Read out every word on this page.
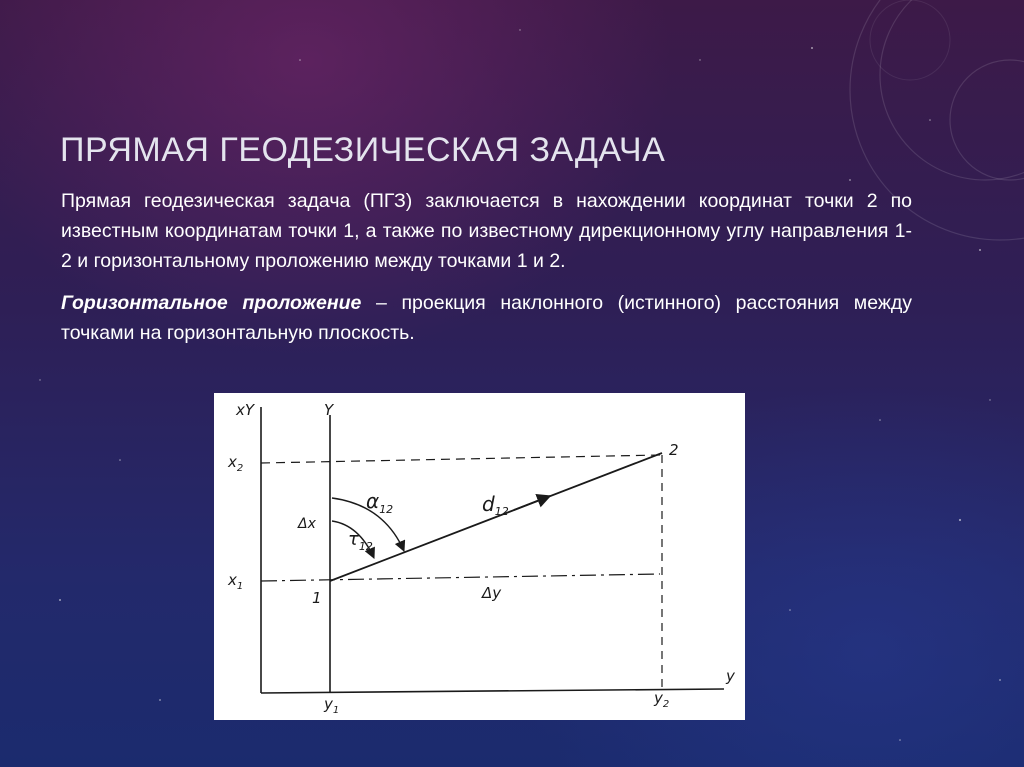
ПРЯМАЯ ГЕОДЕЗИЧЕСКАЯ ЗАДАЧА

Прямая геодезическая задача (ПГЗ) заключается в нахождении координат точки 2 по известным координатам точки 1, а также по известному дирекционному углу направления 1-2 и горизонтальному проложению между точками 1 и 2.

Горизонтальное проложение – проекция наклонного (истинного) расстояния между точками на горизонтальную плоскость.

xY	Y
$x_2$
$x_1$
1
2
Δx
Δy
$\alpha_{12}$
$\tau_{12}$
$d_{12}$
y
$y_1$
$y_2$
